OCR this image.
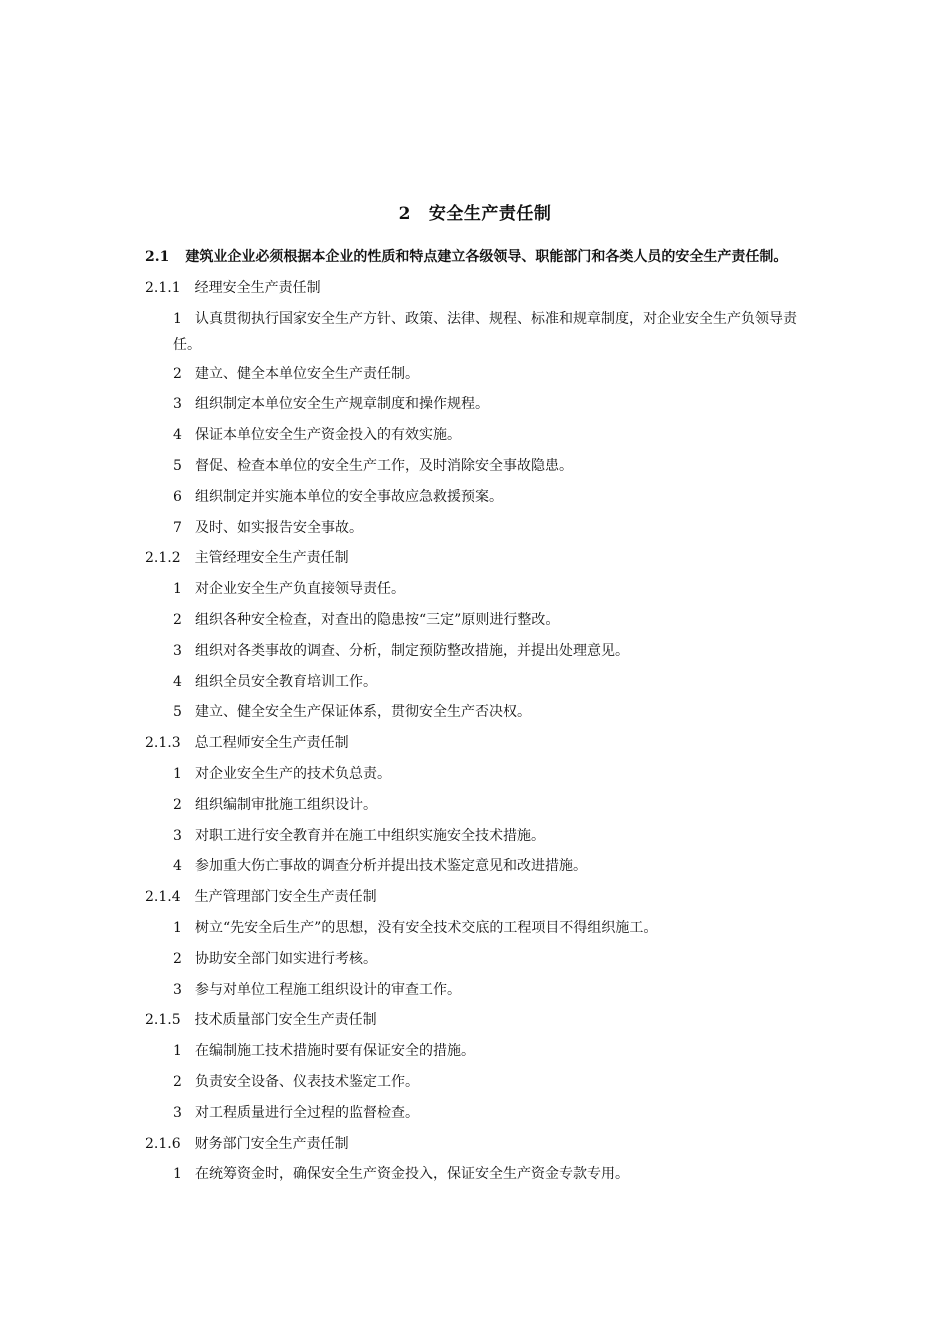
2 安全生产责任制
2.1 建筑业企业必须根据本企业的性质和特点建立各级领导、职能部门和各类人员的安全生产责任制。
2.1.1 经理安全生产责任制
1 认真贯彻执行国家安全生产方针、政策、法律、规程、标准和规章制度，对企业安全生产负领导责任。
2 建立、健全本单位安全生产责任制。
3 组织制定本单位安全生产规章制度和操作规程。
4 保证本单位安全生产资金投入的有效实施。
5 督促、检查本单位的安全生产工作，及时消除安全事故隐患。
6 组织制定并实施本单位的安全事故应急救援预案。
7 及时、如实报告安全事故。
2.1.2 主管经理安全生产责任制
1 对企业安全生产负直接领导责任。
2 组织各种安全检查，对查出的隐患按“三定”原则进行整改。
3 组织对各类事故的调查、分析，制定预防整改措施，并提出处理意见。
4 组织全员安全教育培训工作。
5 建立、健全安全生产保证体系，贯彻安全生产否决权。
2.1.3 总工程师安全生产责任制
1 对企业安全生产的技术负总责。
2 组织编制审批施工组织设计。
3 对职工进行安全教育并在施工中组织实施安全技术措施。
4 参加重大伤亡事故的调查分析并提出技术鉴定意见和改进措施。
2.1.4 生产管理部门安全生产责任制
1 树立“先安全后生产”的思想，没有安全技术交底的工程项目不得组织施工。
2 协助安全部门如实进行考核。
3 参与对单位工程施工组织设计的审查工作。
2.1.5 技术质量部门安全生产责任制
1 在编制施工技术措施时要有保证安全的措施。
2 负责安全设备、仪表技术鉴定工作。
3 对工程质量进行全过程的监督检查。
2.1.6 财务部门安全生产责任制
1 在统筹资金时，确保安全生产资金投入，保证安全生产资金专款专用。
